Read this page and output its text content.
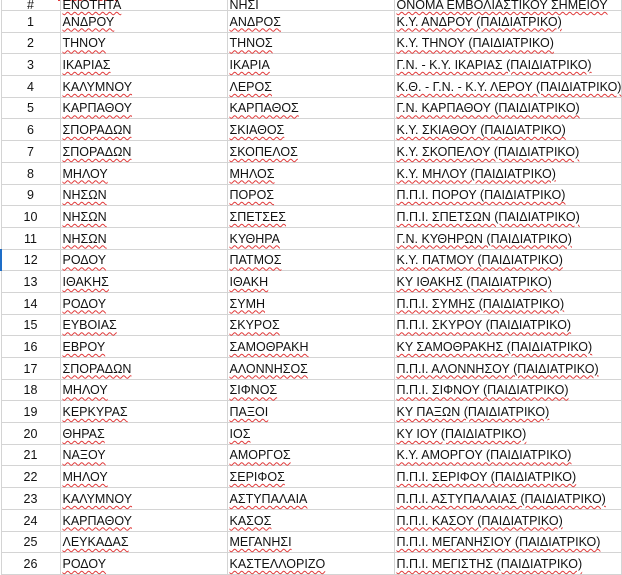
#	ΕΝΟΤΗΤΑ	ΝΗΣΙ	ΟΝΟΜΑ ΕΜΒΟΛΙΑΣΤΙΚΟΥ ΣΗΜΕΙΟΥ
1	ΑΝΔΡΟΥ	ΑΝΔΡΟΣ	Κ.Υ. ΑΝΔΡΟΥ (ΠΑΙΔΙΑΤΡΙΚΟ)
2	ΤΗΝΟΥ	ΤΗΝΟΣ	Κ.Υ. ΤΗΝΟΥ (ΠΑΙΔΙΑΤΡΙΚΟ)
3	ΙΚΑΡΙΑΣ	ΙΚΑΡΙΑ	Γ.Ν. - Κ.Υ. ΙΚΑΡΙΑΣ (ΠΑΙΔΙΑΤΡΙΚΟ)
4	ΚΑΛΥΜΝΟΥ	ΛΕΡΟΣ	Κ.Θ. - Γ.Ν. - Κ.Υ. ΛΕΡΟΥ (ΠΑΙΔΙΑΤΡΙΚΟ)
5	ΚΑΡΠΑΘΟΥ	ΚΑΡΠΑΘΟΣ	Γ.Ν. ΚΑΡΠΑΘΟΥ (ΠΑΙΔΙΑΤΡΙΚΟ)
6	ΣΠΟΡΑΔΩΝ	ΣΚΙΑΘΟΣ	Κ.Υ. ΣΚΙΑΘΟΥ (ΠΑΙΔΙΑΤΡΙΚΟ)
7	ΣΠΟΡΑΔΩΝ	ΣΚΟΠΕΛΟΣ	Κ.Υ. ΣΚΟΠΕΛΟΥ (ΠΑΙΔΙΑΤΡΙΚΟ)
8	ΜΗΛΟΥ	ΜΗΛΟΣ	Κ.Υ. ΜΗΛΟΥ (ΠΑΙΔΙΑΤΡΙΚΟ)
9	ΝΗΣΩΝ	ΠΟΡΟΣ	Π.Π.Ι. ΠΟΡΟΥ (ΠΑΙΔΙΑΤΡΙΚΟ)
10	ΝΗΣΩΝ	ΣΠΕΤΣΕΣ	Π.Π.Ι. ΣΠΕΤΣΩΝ (ΠΑΙΔΙΑΤΡΙΚΟ)
11	ΝΗΣΩΝ	ΚΥΘΗΡΑ	Γ.Ν. ΚΥΘΗΡΩΝ (ΠΑΙΔΙΑΤΡΙΚΟ)
12	ΡΟΔΟΥ	ΠΑΤΜΟΣ	Κ.Υ. ΠΑΤΜΟΥ (ΠΑΙΔΙΑΤΡΙΚΟ)
13	ΙΘΑΚΗΣ	ΙΘΑΚΗ	ΚΥ ΙΘΑΚΗΣ (ΠΑΙΔΙΑΤΡΙΚΟ)
14	ΡΟΔΟΥ	ΣΥΜΗ	Π.Π.Ι. ΣΥΜΗΣ (ΠΑΙΔΙΑΤΡΙΚΟ)
15	ΕΥΒΟΙΑΣ	ΣΚΥΡΟΣ	Π.Π.Ι. ΣΚΥΡΟΥ (ΠΑΙΔΙΑΤΡΙΚΟ)
16	ΕΒΡΟΥ	ΣΑΜΟΘΡΑΚΗ	ΚΥ ΣΑΜΟΘΡΑΚΗΣ (ΠΑΙΔΙΑΤΡΙΚΟ)
17	ΣΠΟΡΑΔΩΝ	ΑΛΟΝΝΗΣΟΣ	Π.Π.Ι. ΑΛΟΝΝΗΣΟΥ (ΠΑΙΔΙΑΤΡΙΚΟ)
18	ΜΗΛΟΥ	ΣΙΦΝΟΣ	Π.Π.Ι. ΣΙΦΝΟΥ (ΠΑΙΔΙΑΤΡΙΚΟ)
19	ΚΕΡΚΥΡΑΣ	ΠΑΞΟΙ	ΚΥ ΠΑΞΩΝ (ΠΑΙΔΙΑΤΡΙΚΟ)
20	ΘΗΡΑΣ	ΙΟΣ	ΚΥ ΙΟΥ (ΠΑΙΔΙΑΤΡΙΚΟ)
21	ΝΑΞΟΥ	ΑΜΟΡΓΟΣ	Κ.Υ. ΑΜΟΡΓΟΥ (ΠΑΙΔΙΑΤΡΙΚΟ)
22	ΜΗΛΟΥ	ΣΕΡΙΦΟΣ	Π.Π.Ι. ΣΕΡΙΦΟΥ (ΠΑΙΔΙΑΤΡΙΚΟ)
23	ΚΑΛΥΜΝΟΥ	ΑΣΤΥΠΑΛΑΙΑ	Π.Π.Ι. ΑΣΤΥΠΑΛΑΙΑΣ (ΠΑΙΔΙΑΤΡΙΚΟ)
24	ΚΑΡΠΑΘΟΥ	ΚΑΣΟΣ	Π.Π.Ι. ΚΑΣΟΥ (ΠΑΙΔΙΑΤΡΙΚΟ)
25	ΛΕΥΚΑΔΑΣ	ΜΕΓΑΝΗΣΙ	Π.Π.Ι. ΜΕΓΑΝΗΣΙΟΥ (ΠΑΙΔΙΑΤΡΙΚΟ)
26	ΡΟΔΟΥ	ΚΑΣΤΕΛΛΟΡΙΖΟ	Π.Π.Ι. ΜΕΓΙΣΤΗΣ (ΠΑΙΔΙΑΤΡΙΚΟ)
